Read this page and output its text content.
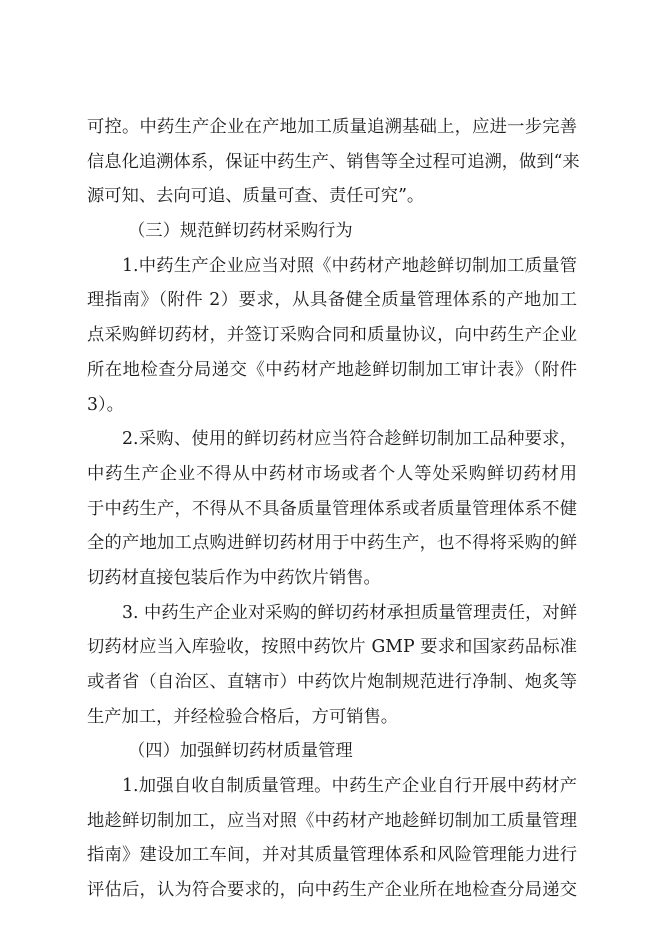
可控。中药生产企业在产地加工质量追溯基础上，应进一步完善
信息化追溯体系，保证中药生产、销售等全过程可追溯，做到“来
源可知、去向可追、质量可查、责任可究”。
（三）规范鲜切药材采购行为
1.中药生产企业应当对照《中药材产地趁鲜切制加工质量管
理指南》（附件 2）要求，从具备健全质量管理体系的产地加工
点采购鲜切药材，并签订采购合同和质量协议，向中药生产企业
所在地检查分局递交《中药材产地趁鲜切制加工审计表》（附件
3）。
2.采购、使用的鲜切药材应当符合趁鲜切制加工品种要求，
中药生产企业不得从中药材市场或者个人等处采购鲜切药材用
于中药生产，不得从不具备质量管理体系或者质量管理体系不健
全的产地加工点购进鲜切药材用于中药生产，也不得将采购的鲜
切药材直接包装后作为中药饮片销售。
3. 中药生产企业对采购的鲜切药材承担质量管理责任，对鲜
切药材应当入库验收，按照中药饮片 GMP 要求和国家药品标准
或者省（自治区、直辖市）中药饮片炮制规范进行净制、炮炙等
生产加工，并经检验合格后，方可销售。
（四）加强鲜切药材质量管理
1.加强自收自制质量管理。中药生产企业自行开展中药材产
地趁鲜切制加工，应当对照《中药材产地趁鲜切制加工质量管理
指南》建设加工车间，并对其质量管理体系和风险管理能力进行
评估后，认为符合要求的，向中药生产企业所在地检查分局递交
